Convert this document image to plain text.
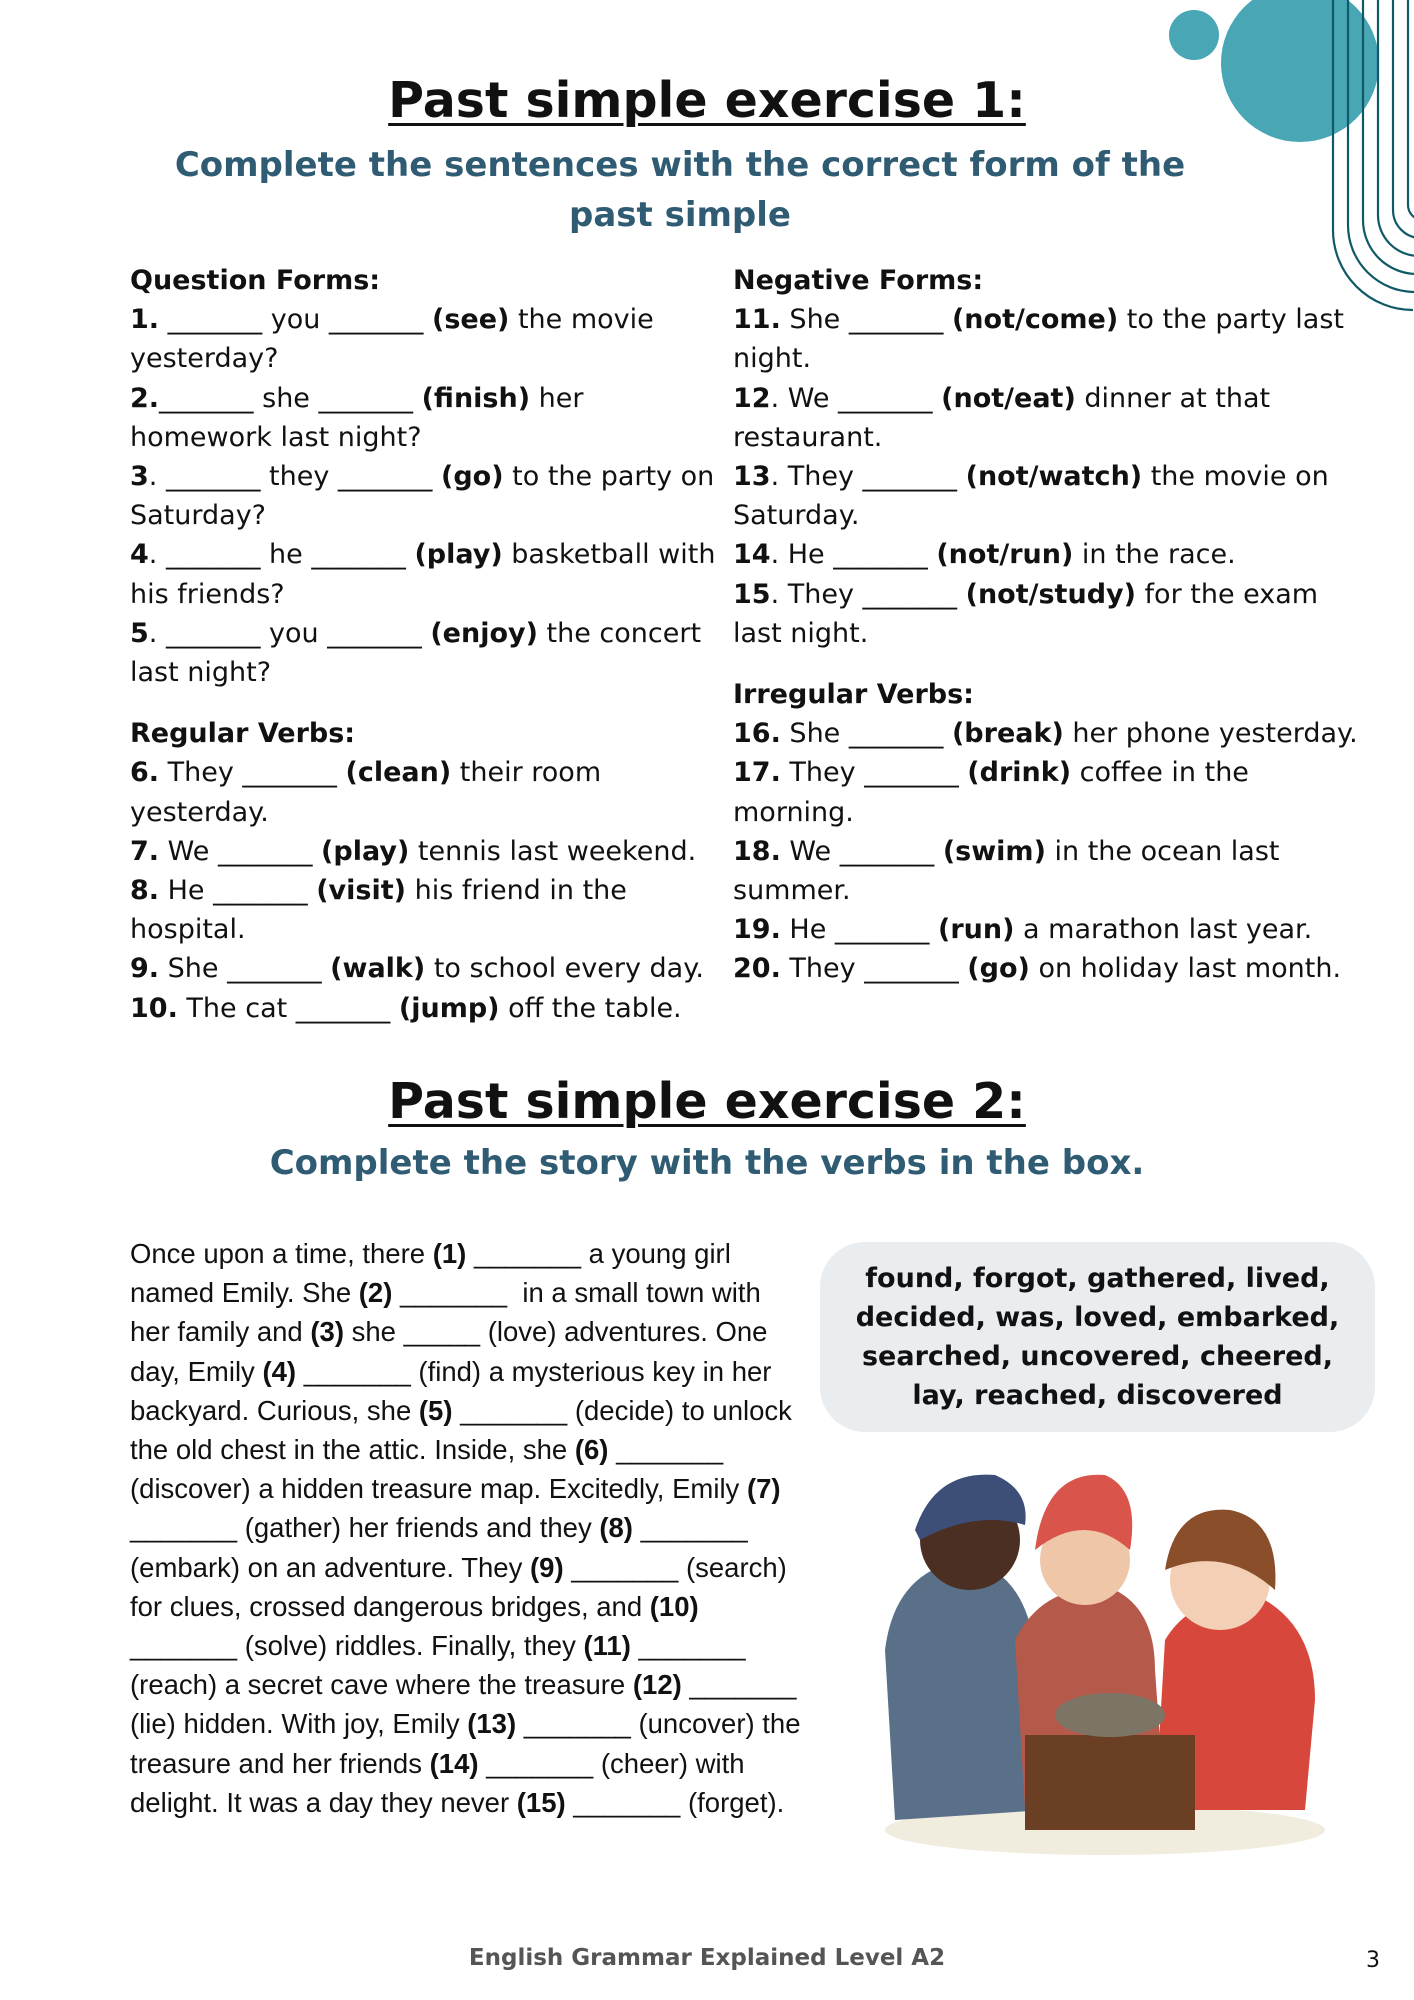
Past simple exercise 1:
Complete the sentences with the correct form of the past simple
Question Forms:
1. _______ you _______ (see) the movie yesterday?
2._______ she _______ (finish) her homework last night?
3. _______ they _______ (go) to the party on Saturday?
4. _______ he _______ (play) basketball with his friends?
5. _______ you _______ (enjoy) the concert last night?
Regular Verbs:
6. They _______ (clean) their room yesterday.
7. We _______ (play) tennis last weekend.
8. He _______ (visit) his friend in the hospital.
9. She _______ (walk) to school every day.
10. The cat _______ (jump) off the table.
Negative Forms:
11. She _______ (not/come) to the party last night.
12. We _______ (not/eat) dinner at that restaurant.
13. They _______ (not/watch) the movie on Saturday.
14. He _______ (not/run) in the race.
15. They _______ (not/study) for the exam last night.
Irregular Verbs:
16. She _______ (break) her phone yesterday.
17. They _______ (drink) coffee in the morning.
18. We _______ (swim) in the ocean last summer.
19. He _______ (run) a marathon last year.
20. They _______ (go) on holiday last month.
Past simple exercise 2:
Complete the story with the verbs in the box.
Once upon a time, there (1) _______ a young girl named Emily. She (2) _______  in a small town with her family and (3) she _____ (love) adventures. One day, Emily (4) _______ (find) a mysterious key in her backyard. Curious, she (5) _______ (decide) to unlock the old chest in the attic. Inside, she (6) _______ (discover) a hidden treasure map. Excitedly, Emily (7) _______ (gather) her friends and they (8) _______ (embark) on an adventure. They (9) _______ (search) for clues, crossed dangerous bridges, and (10) _______ (solve) riddles. Finally, they (11) _______ (reach) a secret cave where the treasure (12) _______ (lie) hidden. With joy, Emily (13) _______ (uncover) the treasure and her friends (14) _______ (cheer) with delight. It was a day they never (15) _______ (forget).
found, forgot, gathered, lived, decided, was, loved, embarked, searched, uncovered, cheered, lay, reached, discovered
English Grammar Explained Level A2	3
